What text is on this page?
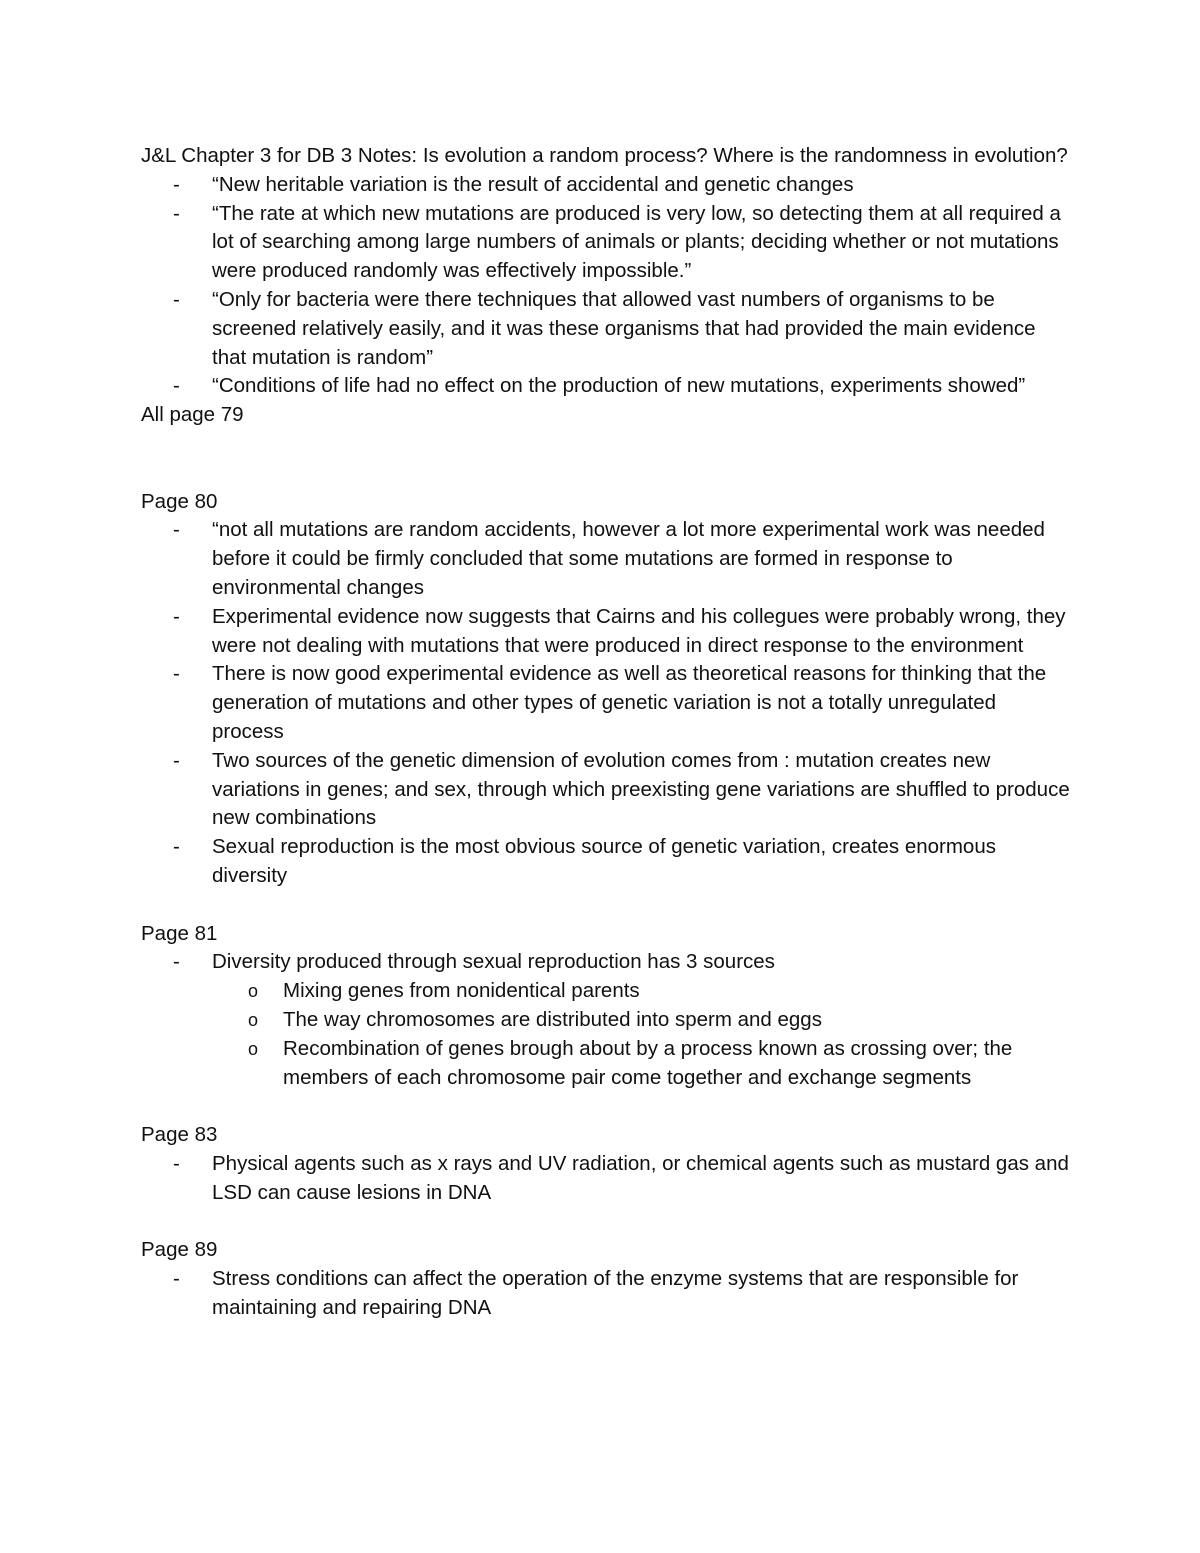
J&L Chapter 3 for DB 3 Notes: Is evolution a random process? Where is the randomness in evolution?

- “New heritable variation is the result of accidental and genetic changes
- “The rate at which new mutations are produced is very low, so detecting them at all required a lot of searching among large numbers of animals or plants; deciding whether or not mutations were produced randomly was effectively impossible.”
- “Only for bacteria were there techniques that allowed vast numbers of organisms to be screened relatively easily, and it was these organisms that had provided the main evidence that mutation is random”
- “Conditions of life had no effect on the production of new mutations, experiments showed”

All page 79

Page 80

- “not all mutations are random accidents, however a lot more experimental work was needed before it could be firmly concluded that some mutations are formed in response to environmental changes
- Experimental evidence now suggests that Cairns and his collegues were probably wrong, they were not dealing with mutations that were produced in direct response to the environment
- There is now good experimental evidence as well as theoretical reasons for thinking that the generation of mutations and other types of genetic variation is not a totally unregulated process
- Two sources of the genetic dimension of evolution comes from : mutation creates new variations in genes; and sex, through which preexisting gene variations are shuffled to produce new combinations
- Sexual reproduction is the most obvious source of genetic variation, creates enormous diversity

Page 81

- Diversity produced through sexual reproduction has 3 sources
o Mixing genes from nonidentical parents
o The way chromosomes are distributed into sperm and eggs
o Recombination of genes brough about by a process known as crossing over; the members of each chromosome pair come together and exchange segments

Page 83

- Physical agents such as x rays and UV radiation, or chemical agents such as mustard gas and LSD can cause lesions in DNA

Page 89

- Stress conditions can affect the operation of the enzyme systems that are responsible for maintaining and repairing DNA
